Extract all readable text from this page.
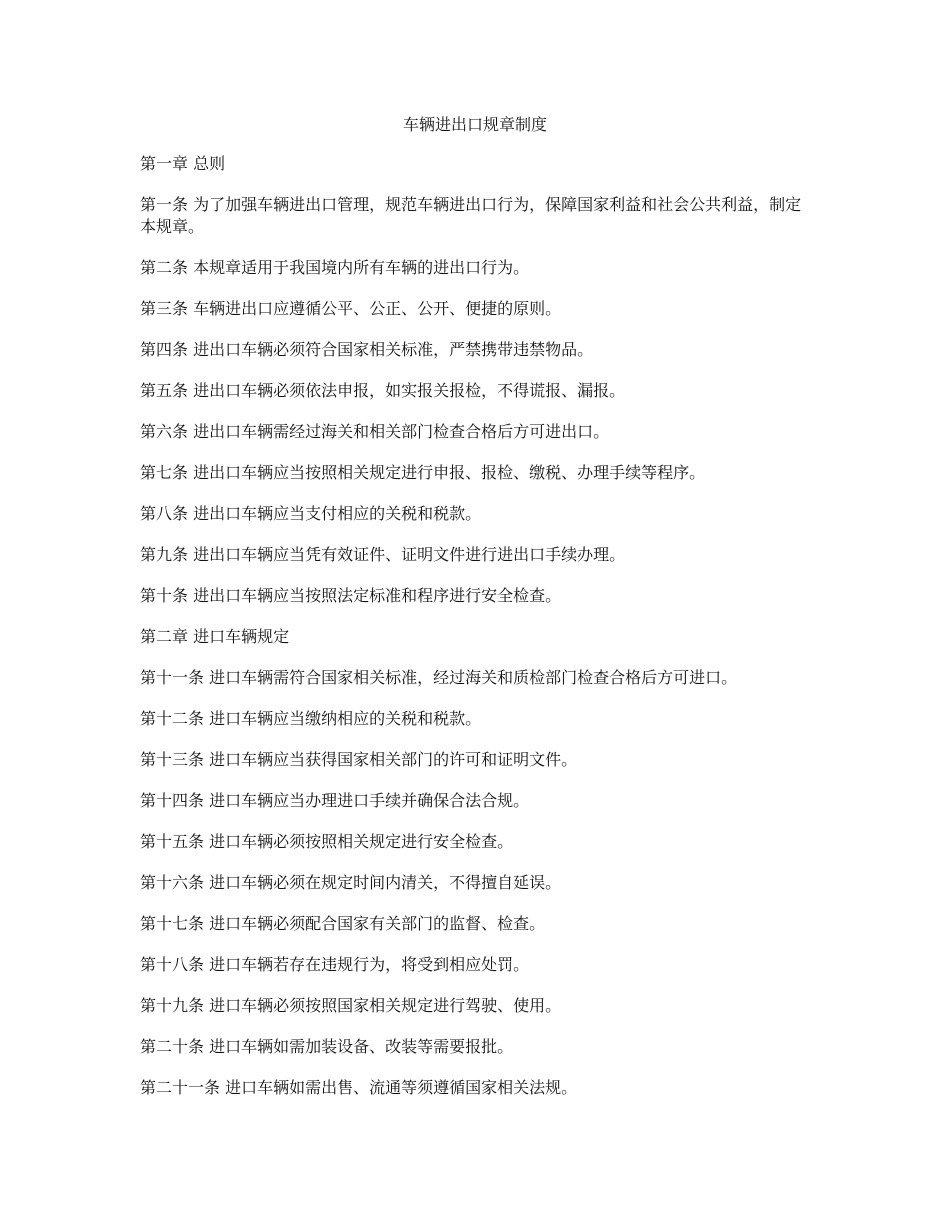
车辆进出口规章制度

第一章 总则

第一条 为了加强车辆进出口管理，规范车辆进出口行为，保障国家利益和社会公共利益，制定本规章。

第二条 本规章适用于我国境内所有车辆的进出口行为。

第三条 车辆进出口应遵循公平、公正、公开、便捷的原则。

第四条 进出口车辆必须符合国家相关标准，严禁携带违禁物品。

第五条 进出口车辆必须依法申报，如实报关报检，不得谎报、漏报。

第六条 进出口车辆需经过海关和相关部门检查合格后方可进出口。

第七条 进出口车辆应当按照相关规定进行申报、报检、缴税、办理手续等程序。

第八条 进出口车辆应当支付相应的关税和税款。

第九条 进出口车辆应当凭有效证件、证明文件进行进出口手续办理。

第十条 进出口车辆应当按照法定标准和程序进行安全检查。

第二章 进口车辆规定

第十一条 进口车辆需符合国家相关标准，经过海关和质检部门检查合格后方可进口。

第十二条 进口车辆应当缴纳相应的关税和税款。

第十三条 进口车辆应当获得国家相关部门的许可和证明文件。

第十四条 进口车辆应当办理进口手续并确保合法合规。

第十五条 进口车辆必须按照相关规定进行安全检查。

第十六条 进口车辆必须在规定时间内清关，不得擅自延误。

第十七条 进口车辆必须配合国家有关部门的监督、检查。

第十八条 进口车辆若存在违规行为，将受到相应处罚。

第十九条 进口车辆必须按照国家相关规定进行驾驶、使用。

第二十条 进口车辆如需加装设备、改装等需要报批。

第二十一条 进口车辆如需出售、流通等须遵循国家相关法规。
